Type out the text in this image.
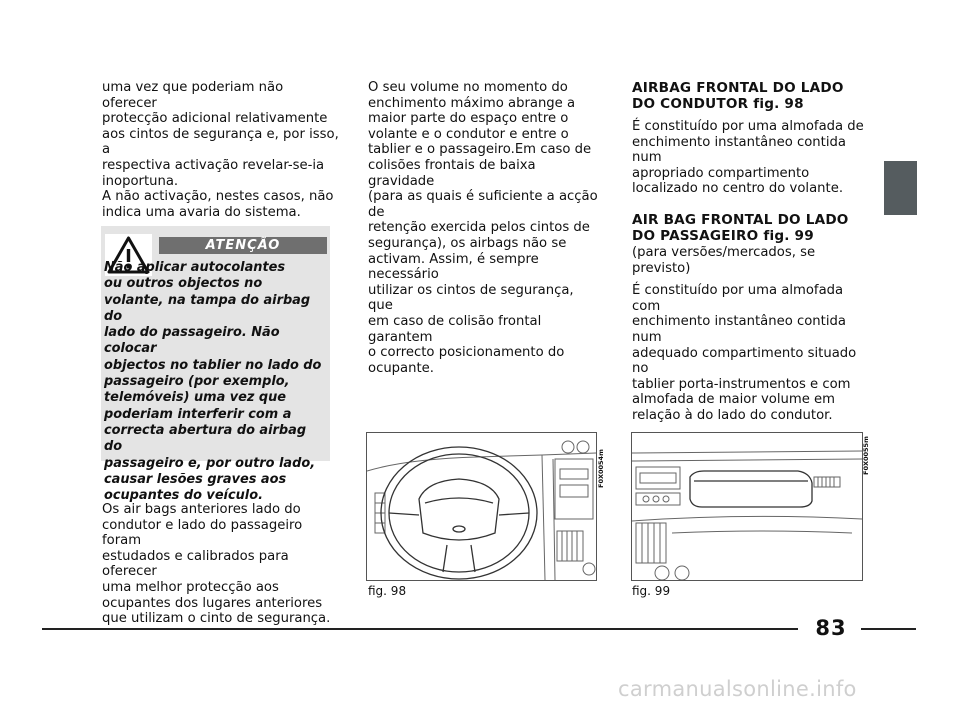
uma vez que poderiam não oferecer
protecção adicional relativamente
aos cintos de segurança e, por isso, a
respectiva activação revelar-se-ia
inoportuna.
A não activação, nestes casos, não
indica uma avaria do sistema.

ATENÇÃO
Não aplicar autocolantes
ou outros objectos no
volante, na tampa do airbag do
lado do passageiro. Não colocar
objectos no tablier no lado do
passageiro (por exemplo,
telemóveis) uma vez que
poderiam interferir com a
correcta abertura do airbag do
passageiro e, por outro lado,
causar lesões graves aos
ocupantes do veículo.
Os air bags anteriores lado do
condutor e lado do passageiro foram
estudados e calibrados para oferecer
uma melhor protecção aos
ocupantes dos lugares anteriores
que utilizam o cinto de segurança.

O seu volume no momento do
enchimento máximo abrange a
maior parte do espaço entre o
volante e o condutor e entre o
tablier e o passageiro.Em caso de
colisões frontais de baixa gravidade
(para as quais é suficiente a acção de
retenção exercida pelos cintos de
segurança), os airbags não se
activam. Assim, é sempre necessário
utilizar os cintos de segurança, que
em caso de colisão frontal garantem
o correcto posicionamento do
ocupante.

AIRBAG FRONTAL DO LADO
DO CONDUTOR fig. 98

É constituído por uma almofada de
enchimento instantâneo contida num
apropriado compartimento
localizado no centro do volante.

AIR BAG FRONTAL DO LADO
DO PASSAGEIRO fig. 99

(para versões/mercados, se previsto)

É constituído por uma almofada com
enchimento instantâneo contida num
adequado compartimento situado no
tablier porta-instrumentos e com
almofada de maior volume em
relação à do lado do condutor.

F0X0054m
fig. 98
F0X0055m
fig. 99
83
carmanualsonline.info
